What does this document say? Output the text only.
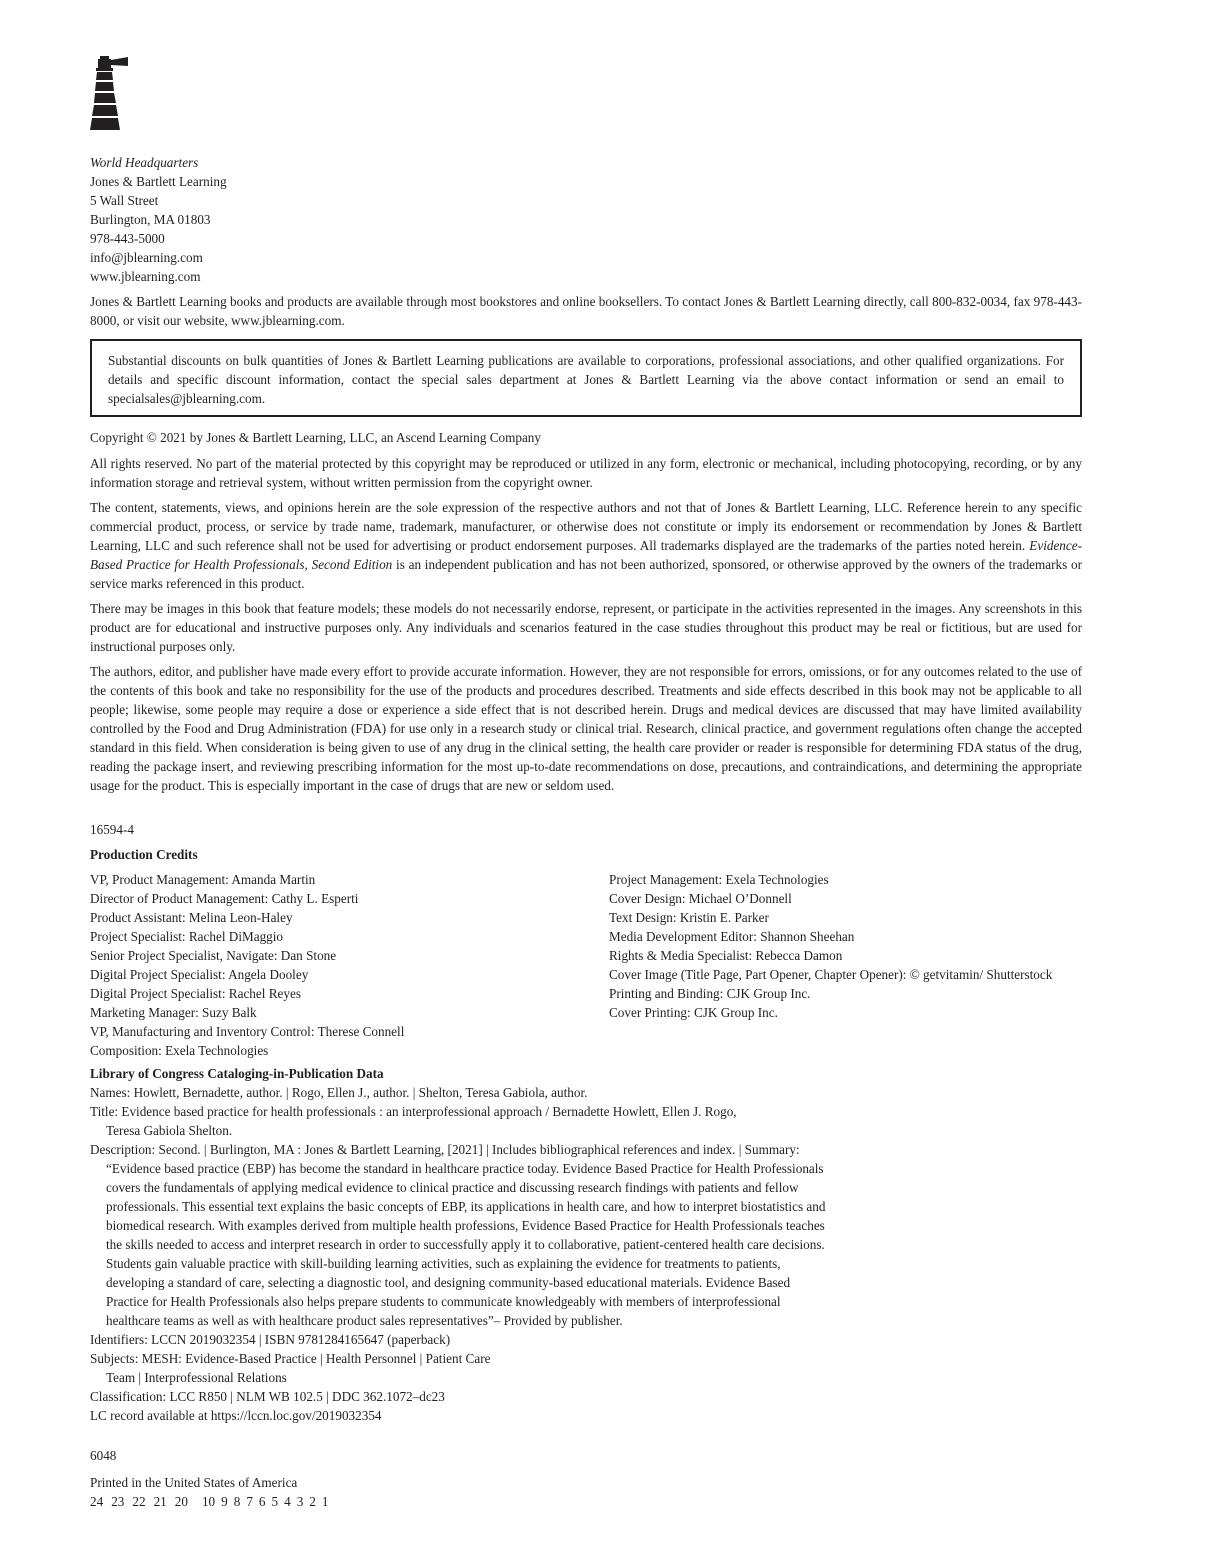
World Headquarters
Jones & Bartlett Learning
5 Wall Street
Burlington, MA 01803
978-443-5000
info@jblearning.com
www.jblearning.com
Jones & Bartlett Learning books and products are available through most bookstores and online booksellers. To contact Jones & Bartlett Learning directly, call 800-832-0034, fax 978-443-8000, or visit our website, www.jblearning.com.
Substantial discounts on bulk quantities of Jones & Bartlett Learning publications are available to corporations, professional associations, and other qualified organizations. For details and specific discount information, contact the special sales department at Jones & Bartlett Learning via the above contact information or send an email to specialsales@jblearning.com.
Copyright © 2021 by Jones & Bartlett Learning, LLC, an Ascend Learning Company
All rights reserved. No part of the material protected by this copyright may be reproduced or utilized in any form, electronic or mechanical, including photocopying, recording, or by any information storage and retrieval system, without written permission from the copyright owner.
The content, statements, views, and opinions herein are the sole expression of the respective authors and not that of Jones & Bartlett Learning, LLC. Reference herein to any specific commercial product, process, or service by trade name, trademark, manufacturer, or otherwise does not constitute or imply its endorsement or recommendation by Jones & Bartlett Learning, LLC and such reference shall not be used for advertising or product endorsement purposes. All trademarks displayed are the trademarks of the parties noted herein. Evidence-Based Practice for Health Professionals, Second Edition is an independent publication and has not been authorized, sponsored, or otherwise approved by the owners of the trademarks or service marks referenced in this product.
There may be images in this book that feature models; these models do not necessarily endorse, represent, or participate in the activities represented in the images. Any screenshots in this product are for educational and instructive purposes only. Any individuals and scenarios featured in the case studies throughout this product may be real or fictitious, but are used for instructional purposes only.
The authors, editor, and publisher have made every effort to provide accurate information. However, they are not responsible for errors, omissions, or for any outcomes related to the use of the contents of this book and take no responsibility for the use of the products and procedures described. Treatments and side effects described in this book may not be applicable to all people; likewise, some people may require a dose or experience a side effect that is not described herein. Drugs and medical devices are discussed that may have limited availability controlled by the Food and Drug Administration (FDA) for use only in a research study or clinical trial. Research, clinical practice, and government regulations often change the accepted standard in this field. When consideration is being given to use of any drug in the clinical setting, the health care provider or reader is responsible for determining FDA status of the drug, reading the package insert, and reviewing prescribing information for the most up-to-date recommendations on dose, precautions, and contraindications, and determining the appropriate usage for the product. This is especially important in the case of drugs that are new or seldom used.
16594-4
Production Credits
VP, Product Management: Amanda Martin
Director of Product Management: Cathy L. Esperti
Product Assistant: Melina Leon-Haley
Project Specialist: Rachel DiMaggio
Senior Project Specialist, Navigate: Dan Stone
Digital Project Specialist: Angela Dooley
Digital Project Specialist: Rachel Reyes
Marketing Manager: Suzy Balk
VP, Manufacturing and Inventory Control: Therese Connell
Composition: Exela Technologies
Project Management: Exela Technologies
Cover Design: Michael O’Donnell
Text Design: Kristin E. Parker
Media Development Editor: Shannon Sheehan
Rights & Media Specialist: Rebecca Damon
Cover Image (Title Page, Part Opener, Chapter Opener): © getvitamin/ Shutterstock
Printing and Binding: CJK Group Inc.
Cover Printing: CJK Group Inc.
Library of Congress Cataloging-in-Publication Data
Names: Howlett, Bernadette, author. | Rogo, Ellen J., author. | Shelton, Teresa Gabiola, author.
Title: Evidence based practice for health professionals : an interprofessional approach / Bernadette Howlett, Ellen J. Rogo,
Teresa Gabiola Shelton.
Description: Second. | Burlington, MA : Jones & Bartlett Learning, [2021] | Includes bibliographical references and index. | Summary:
“Evidence based practice (EBP) has become the standard in healthcare practice today. Evidence Based Practice for Health Professionals
covers the fundamentals of applying medical evidence to clinical practice and discussing research findings with patients and fellow
professionals. This essential text explains the basic concepts of EBP, its applications in health care, and how to interpret biostatistics and
biomedical research. With examples derived from multiple health professions, Evidence Based Practice for Health Professionals teaches
the skills needed to access and interpret research in order to successfully apply it to collaborative, patient-centered health care decisions.
Students gain valuable practice with skill-building learning activities, such as explaining the evidence for treatments to patients,
developing a standard of care, selecting a diagnostic tool, and designing community-based educational materials. Evidence Based
Practice for Health Professionals also helps prepare students to communicate knowledgeably with members of interprofessional
healthcare teams as well as with healthcare product sales representatives”– Provided by publisher.
Identifiers: LCCN 2019032354 | ISBN 9781284165647 (paperback)
Subjects: MESH: Evidence-Based Practice | Health Personnel | Patient Care
Team | Interprofessional Relations
Classification: LCC R850 | NLM WB 102.5 | DDC 362.1072–dc23
LC record available at https://lccn.loc.gov/2019032354
6048
Printed in the United States of America
24 23 22 21 20 10 9 8 7 6 5 4 3 2 1
